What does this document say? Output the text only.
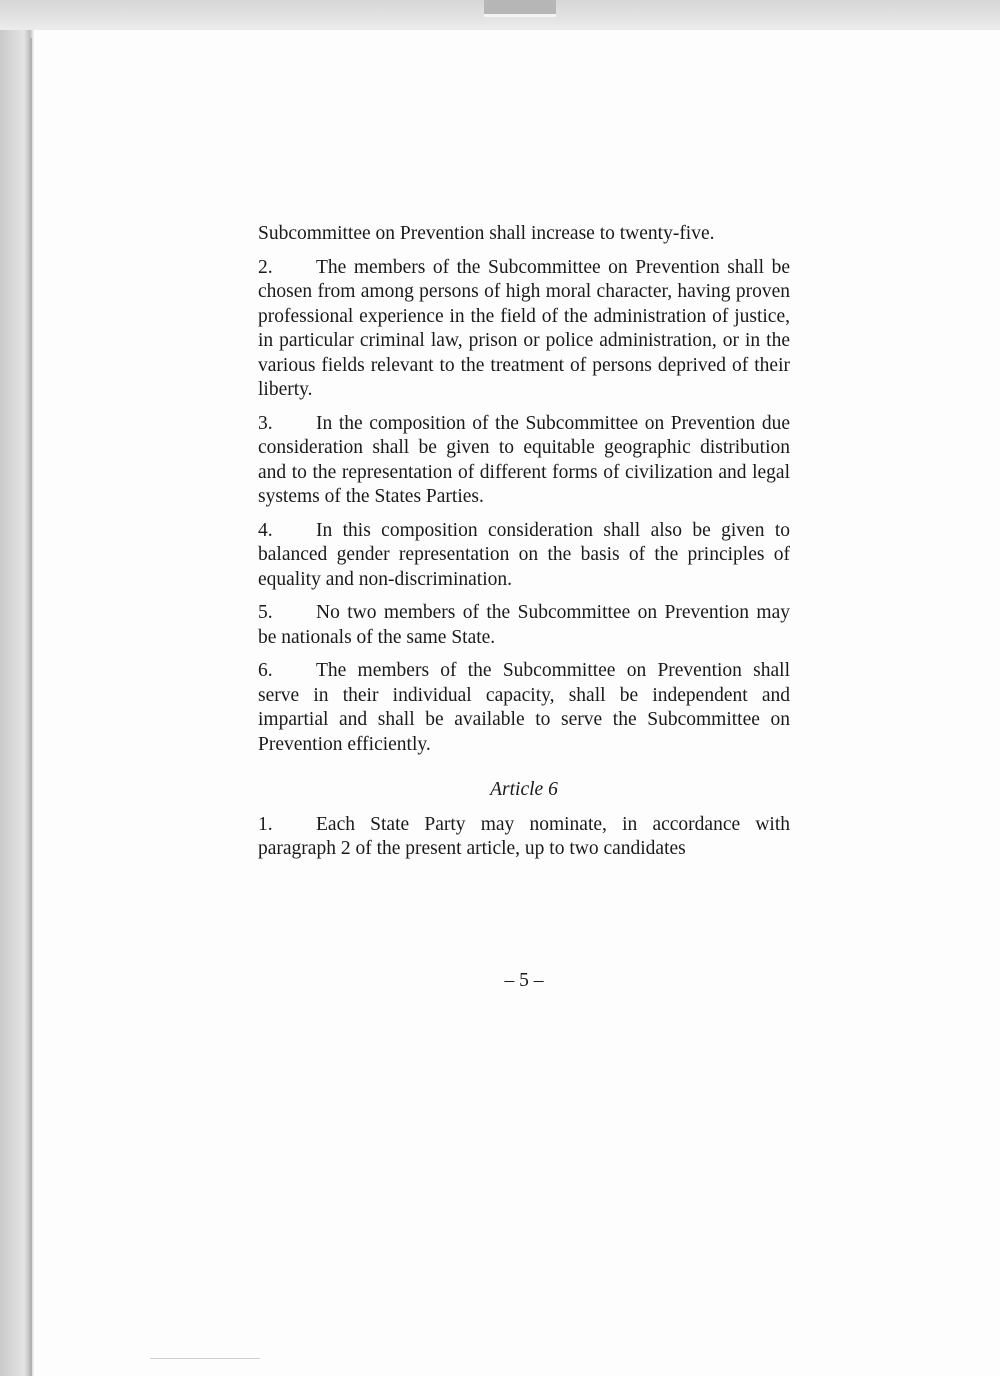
Subcommittee on Prevention shall increase to twenty-five.

2. The members of the Subcommittee on Prevention shall be chosen from among persons of high moral character, having proven professional experience in the field of the administration of justice, in particular criminal law, prison or police administration, or in the various fields relevant to the treatment of persons deprived of their liberty.

3. In the composition of the Subcommittee on Prevention due consideration shall be given to equitable geographic distribution and to the representation of different forms of civilization and legal systems of the States Parties.

4. In this composition consideration shall also be given to balanced gender representation on the basis of the principles of equality and non-discrimination.

5. No two members of the Subcommittee on Prevention may be nationals of the same State.

6. The members of the Subcommittee on Prevention shall serve in their individual capacity, shall be independent and impartial and shall be available to serve the Subcommittee on Prevention efficiently.

Article 6

1. Each State Party may nominate, in accordance with paragraph 2 of the present article, up to two candidates

– 5 –
